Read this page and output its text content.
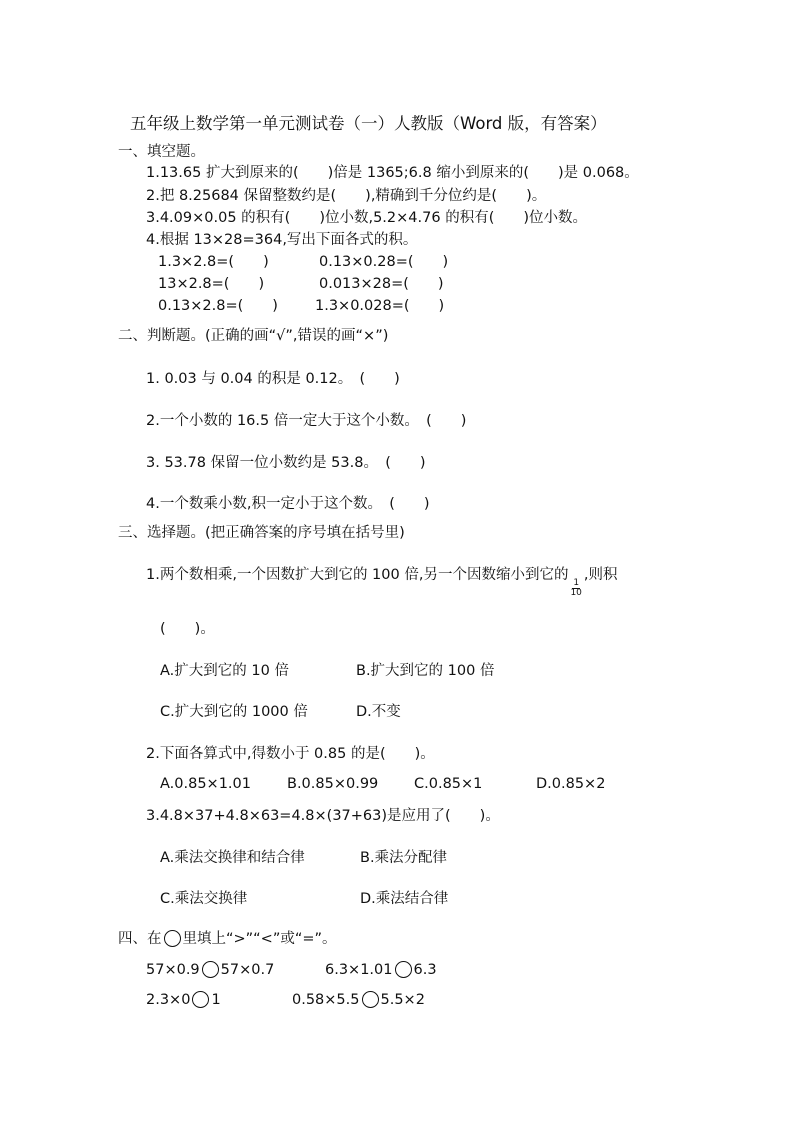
五年级上数学第一单元测试卷（一）人教版（Word 版，有答案）
一、填空题。
1.13.65 扩大到原来的(　　)倍是 1365;6.8 缩小到原来的(　　)是 0.068。
2.把 8.25684 保留整数约是(　　),精确到千分位约是(　　)。
3.4.09×0.05 的积有(　　)位小数,5.2×4.76 的积有(　　)位小数。
4.根据 13×28=364,写出下面各式的积。
1.3×2.8=(　　)	0.13×0.28=(　　)
13×2.8=(　　)	0.013×28=(　　)
0.13×2.8=(　　)	1.3×0.028=(　　)
二、判断题。(正确的画“√”,错误的画“×”)
1. 0.03 与 0.04 的积是 0.12。　(　　)
2.一个小数的 16.5 倍一定大于这个小数。　(　　)
3. 53.78 保留一位小数约是 53.8。　(　　)
4.一个数乘小数,积一定小于这个数。　(　　)
三、选择题。(把正确答案的序号填在括号里)
1.两个数相乘,一个因数扩大到它的 100 倍,另一个因数缩小到它的
$\frac{1}{10}$
,则积
(　　)。
A.扩大到它的 10 倍	B.扩大到它的 100 倍
C.扩大到它的 1000 倍	D.不变
2.下面各算式中,得数小于 0.85 的是(　　)。
A.0.85×1.01 B.0.85×0.99 C.0.85×1	D.0.85×2
3.4.8×37+4.8×63=4.8×(37+63)是应用了(　　)。
A.乘法交换律和结合律	B.乘法分配律
C.乘法交换律	D.乘法结合律
四、在 里填上“>”“<”或“=”。
57×0.9 57×0.7	6.3×1.01 6.3
2.3×0 1	0.58×5.5 5.5×2
